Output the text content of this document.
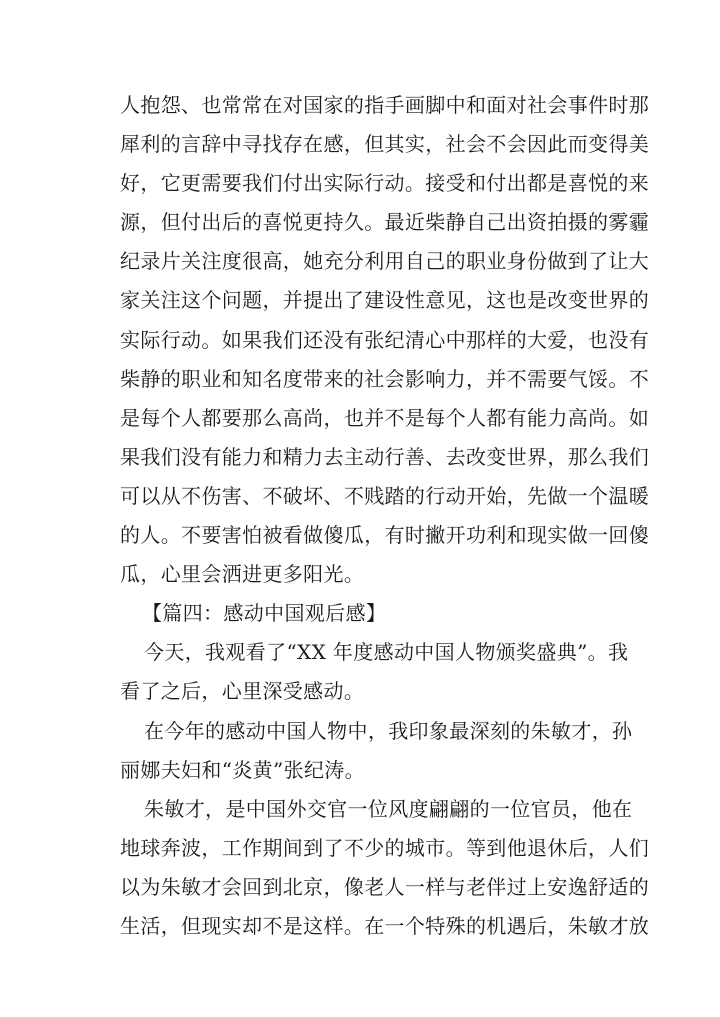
人抱怨、也常常在对国家的指手画脚中和面对社会事件时那
犀利的言辞中寻找存在感，但其实，社会不会因此而变得美
好，它更需要我们付出实际行动。接受和付出都是喜悦的来
源，但付出后的喜悦更持久。最近柴静自己出资拍摄的雾霾
纪录片关注度很高，她充分利用自己的职业身份做到了让大
家关注这个问题，并提出了建设性意见，这也是改变世界的
实际行动。如果我们还没有张纪清心中那样的大爱，也没有
柴静的职业和知名度带来的社会影响力，并不需要气馁。不
是每个人都要那么高尚，也并不是每个人都有能力高尚。如
果我们没有能力和精力去主动行善、去改变世界，那么我们
可以从不伤害、不破坏、不贱踏的行动开始，先做一个温暖
的人。不要害怕被看做傻瓜，有时撇开功利和现实做一回傻
瓜，心里会洒进更多阳光。
【篇四：感动中国观后感】
今天，我观看了“XX 年度感动中国人物颁奖盛典”。我
看了之后，心里深受感动。
在今年的感动中国人物中，我印象最深刻的朱敏才，孙
丽娜夫妇和“炎黄”张纪涛。
朱敏才，是中国外交官一位风度翩翩的一位官员，他在
地球奔波，工作期间到了不少的城市。等到他退休后，人们
以为朱敏才会回到北京，像老人一样与老伴过上安逸舒适的
生活，但现实却不是这样。在一个特殊的机遇后，朱敏才放
